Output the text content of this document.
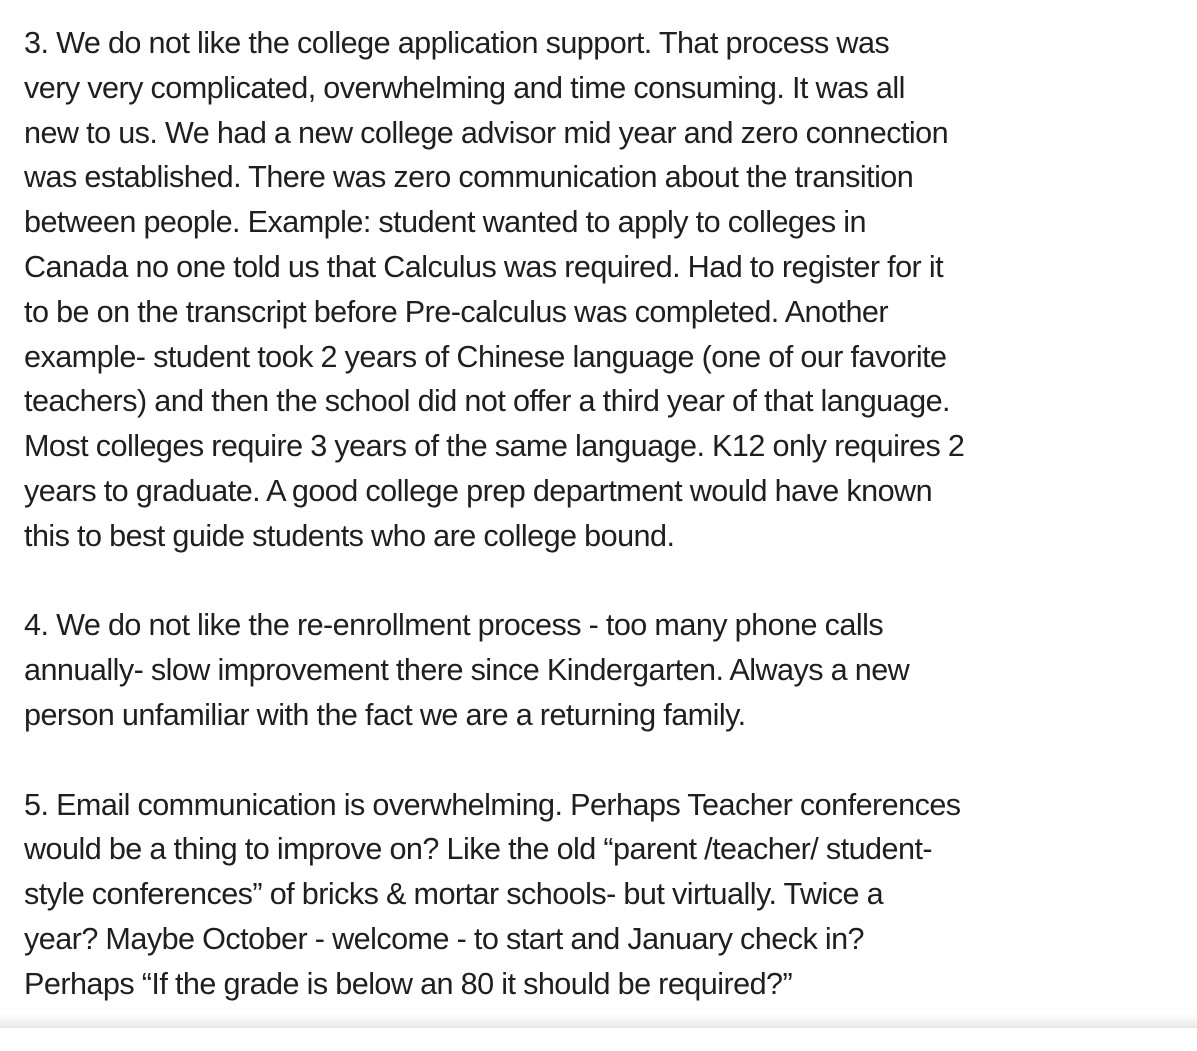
3. We do not like the college application support. That process was
very very complicated, overwhelming and time consuming. It was all
new to us. We had a new college advisor mid year and zero connection
was established. There was zero communication about the transition
between people. Example: student wanted to apply to colleges in
Canada no one told us that Calculus was required. Had to register for it
to be on the transcript before Pre-calculus was completed. Another
example- student took 2 years of Chinese language (one of our favorite
teachers) and then the school did not offer a third year of that language.
Most colleges require 3 years of the same language. K12 only requires 2
years to graduate. A good college prep department would have known
this to best guide students who are college bound.

4. We do not like the re-enrollment process - too many phone calls
annually- slow improvement there since Kindergarten. Always a new
person unfamiliar with the fact we are a returning family.

5. Email communication is overwhelming. Perhaps Teacher conferences
would be a thing to improve on? Like the old “parent /teacher/ student-
style conferences” of bricks & mortar schools- but virtually. Twice a
year? Maybe October - welcome - to start and January check in?
Perhaps “If the grade is below an 80 it should be required?”
